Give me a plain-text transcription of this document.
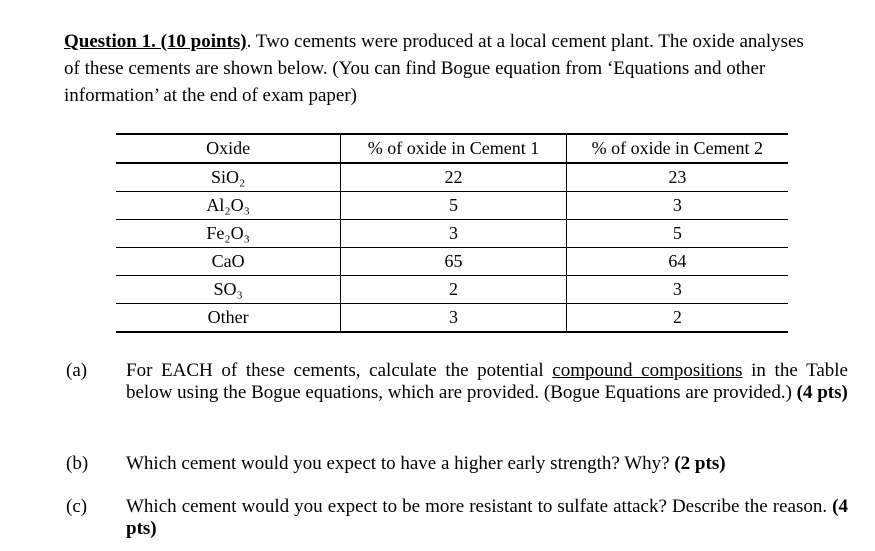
Question 1. (10 points). Two cements were produced at a local cement plant. The oxide analyses of these cements are shown below. (You can find Bogue equation from ‘Equations and other information’ at the end of exam paper)
Oxide	% of oxide in Cement 1	% of oxide in Cement 2
SiO₂	22	23
Al₂O₃	5	3
Fe₂O₃	3	5
CaO	65	64
SO₃	2	3
Other	3	2
(a) For EACH of these cements, calculate the potential compound compositions in the Table below using the Bogue equations, which are provided. (Bogue Equations are provided.) (4 pts)
(b) Which cement would you expect to have a higher early strength? Why? (2 pts)
(c) Which cement would you expect to be more resistant to sulfate attack? Describe the reason. (4 pts)
